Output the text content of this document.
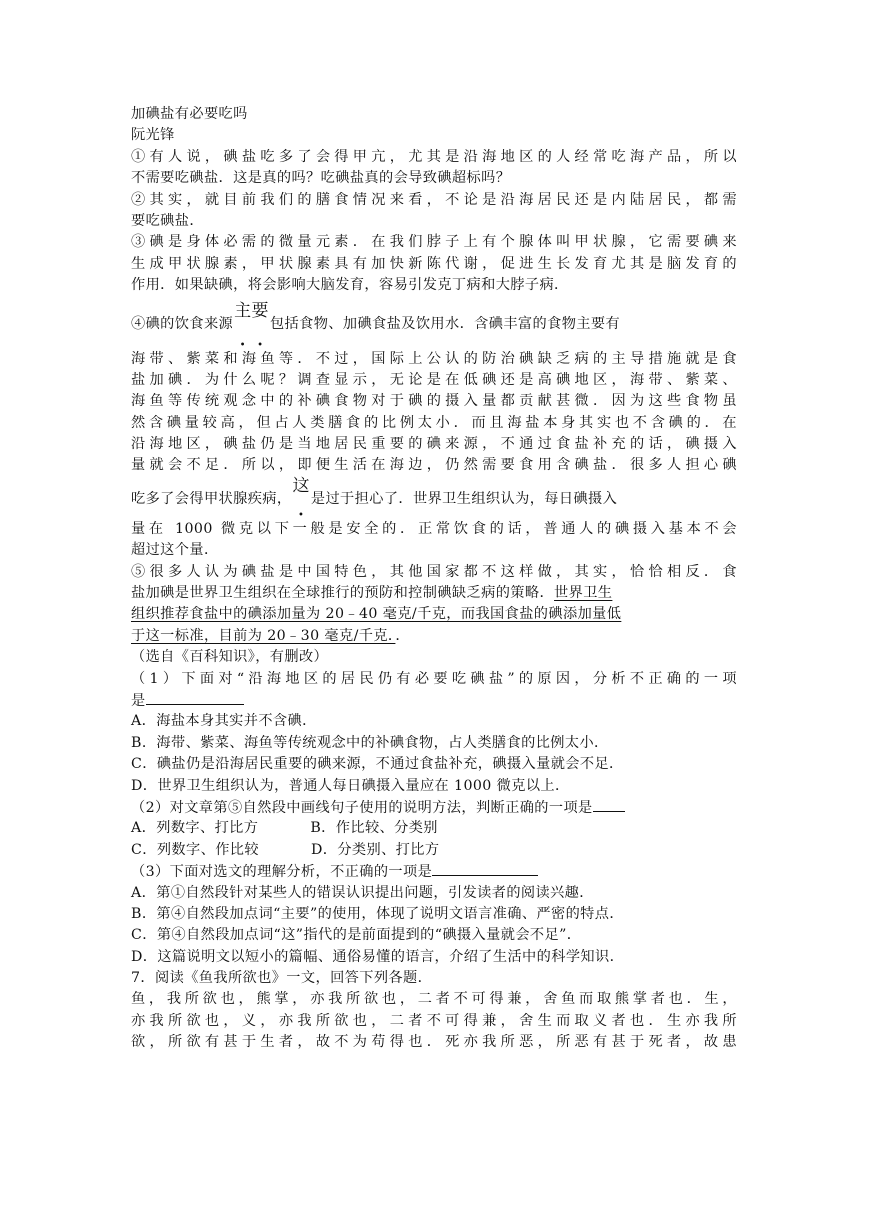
加碘盐有必要吃吗
阮光锋
①有人说，碘盐吃多了会得甲亢，尤其是沿海地区的人经常吃海产品，所以
不需要吃碘盐．这是真的吗？吃碘盐真的会导致碘超标吗？
②其实，就目前我们的膳食情况来看，不论是沿海居民还是内陆居民，都需
要吃碘盐．
③碘是身体必需的微量元素．在我们脖子上有个腺体叫甲状腺，它需要碘来
生成甲状腺素，甲状腺素具有加快新陈代谢，促进生长发育尤其是脑发育的
作用．如果缺碘，将会影响大脑发育，容易引发克丁病和大脖子病．
④碘的饮食来源主要
• •
包括食物、加碘食盐及饮用水．含碘丰富的食物主要有
海带、紫菜和海鱼等．不过，国际上公认的防治碘缺乏病的主导措施就是食
盐加碘．为什么呢？调查显示，无论是在低碘还是高碘地区，海带、紫菜、
海鱼等传统观念中的补碘食物对于碘的摄入量都贡献甚微．因为这些食物虽
然含碘量较高，但占人类膳食的比例太小．而且海盐本身其实也不含碘的．在
沿海地区，碘盐仍是当地居民重要的碘来源，不通过食盐补充的话，碘摄入
量就会不足．所以，即便生活在海边，仍然需要食用含碘盐．很多人担心碘
吃多了会得甲状腺疾病，这
•
是过于担心了．世界卫生组织认为，每日碘摄入
量在 1000 微克以下一般是安全的．正常饮食的话，普通人的碘摄入基本不会
超过这个量．
⑤很多人认为碘盐是中国特色，其他国家都不这样做，其实，恰恰相反．食
盐加碘是世界卫生组织在全球推行的预防和控制碘缺乏病的策略．世界卫生
组织推荐食盐中的碘添加量为 20﹣40 毫克/千克，而我国食盐的碘添加量低
于这一标准，目前为 20﹣30 毫克/千克．．
（选自《百科知识》，有删改）
（1）下面对“沿海地区的居民仍有必要吃碘盐”的原因，分析不正确的一项
是
A．海盐本身其实并不含碘．
B．海带、紫菜、海鱼等传统观念中的补碘食物，占人类膳食的比例太小．
C．碘盐仍是沿海居民重要的碘来源，不通过食盐补充，碘摄入量就会不足．
D．世界卫生组织认为，普通人每日碘摄入量应在 1000 微克以上．
（2）对文章第⑤自然段中画线句子使用的说明方法，判断正确的一项是
A．列数字、打比方	B．作比较、分类别
C．列数字、作比较	D．分类别、打比方
（3）下面对选文的理解分析，不正确的一项是
A．第①自然段针对某些人的错误认识提出问题，引发读者的阅读兴趣．
B．第④自然段加点词“主要”的使用，体现了说明文语言准确、严密的特点．
C．第④自然段加点词“这”指代的是前面提到的“碘摄入量就会不足”．
D．这篇说明文以短小的篇幅、通俗易懂的语言，介绍了生活中的科学知识．
7．阅读《鱼我所欲也》一文，回答下列各题．
鱼，我所欲也，熊掌，亦我所欲也，二者不可得兼，舍鱼而取熊掌者也．生，
亦我所欲也，义，亦我所欲也，二者不可得兼，舍生而取义者也．生亦我所
欲，所欲有甚于生者，故不为苟得也．死亦我所恶，所恶有甚于死者，故患
